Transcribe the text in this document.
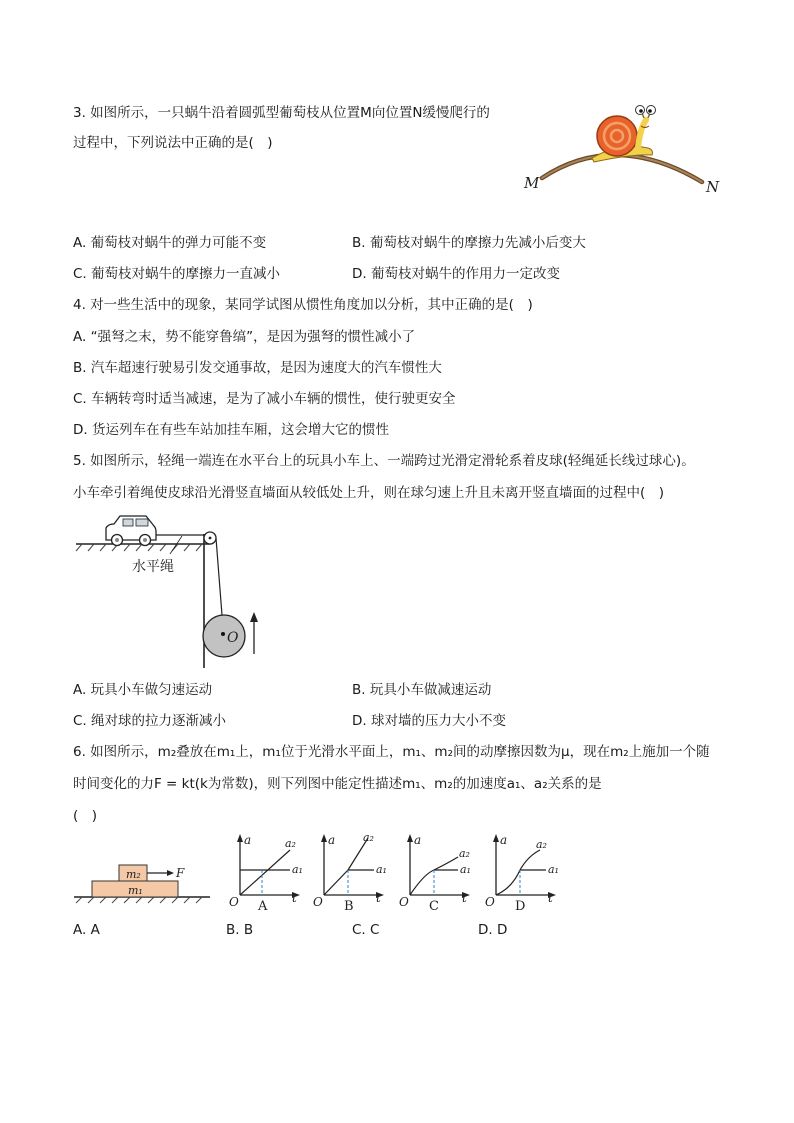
3. 如图所示，一只蜗牛沿着圆弧型葡萄枝从位置M向位置N缓慢爬行的
过程中，下列说法中正确的是(　)
M	N
A. 葡萄枝对蜗牛的弹力可能不变	B. 葡萄枝对蜗牛的摩擦力先减小后变大
C. 葡萄枝对蜗牛的摩擦力一直减小	D. 葡萄枝对蜗牛的作用力一定改变
4. 对一些生活中的现象，某同学试图从惯性角度加以分析，其中正确的是(　)
A. “强弩之末，势不能穿鲁缟”，是因为强弩的惯性减小了
B. 汽车超速行驶易引发交通事故，是因为速度大的汽车惯性大
C. 车辆转弯时适当减速，是为了减小车辆的惯性，使行驶更安全
D. 货运列车在有些车站加挂车厢，这会增大它的惯性
5. 如图所示，轻绳一端连在水平台上的玩具小车上、一端跨过光滑定滑轮系着皮球(轻绳延长线过球心)。
小车牵引着绳使皮球沿光滑竖直墙面从较低处上升，则在球匀速上升且未离开竖直墙面的过程中(　)
水平绳
O
A. 玩具小车做匀速运动	B. 玩具小车做减速运动
C. 绳对球的拉力逐渐减小	D. 球对墙的压力大小不变
6. 如图所示，m₂叠放在m₁上，m₁位于光滑水平面上，m₁、m₂间的动摩擦因数为μ，现在m₂上施加一个随
时间变化的力F = kt(k为常数)，则下列图中能定性描述m₁、m₂的加速度a₁、a₂关系的是
(　)
m₁
m₂	F
a
t
O
a₂
a₁
A
a
t
O
a₂
a₁
B
a
t
O
a₂
a₁
C
a
t
O
a₂
a₁
D
A. A	B. B	C. C	D. D
